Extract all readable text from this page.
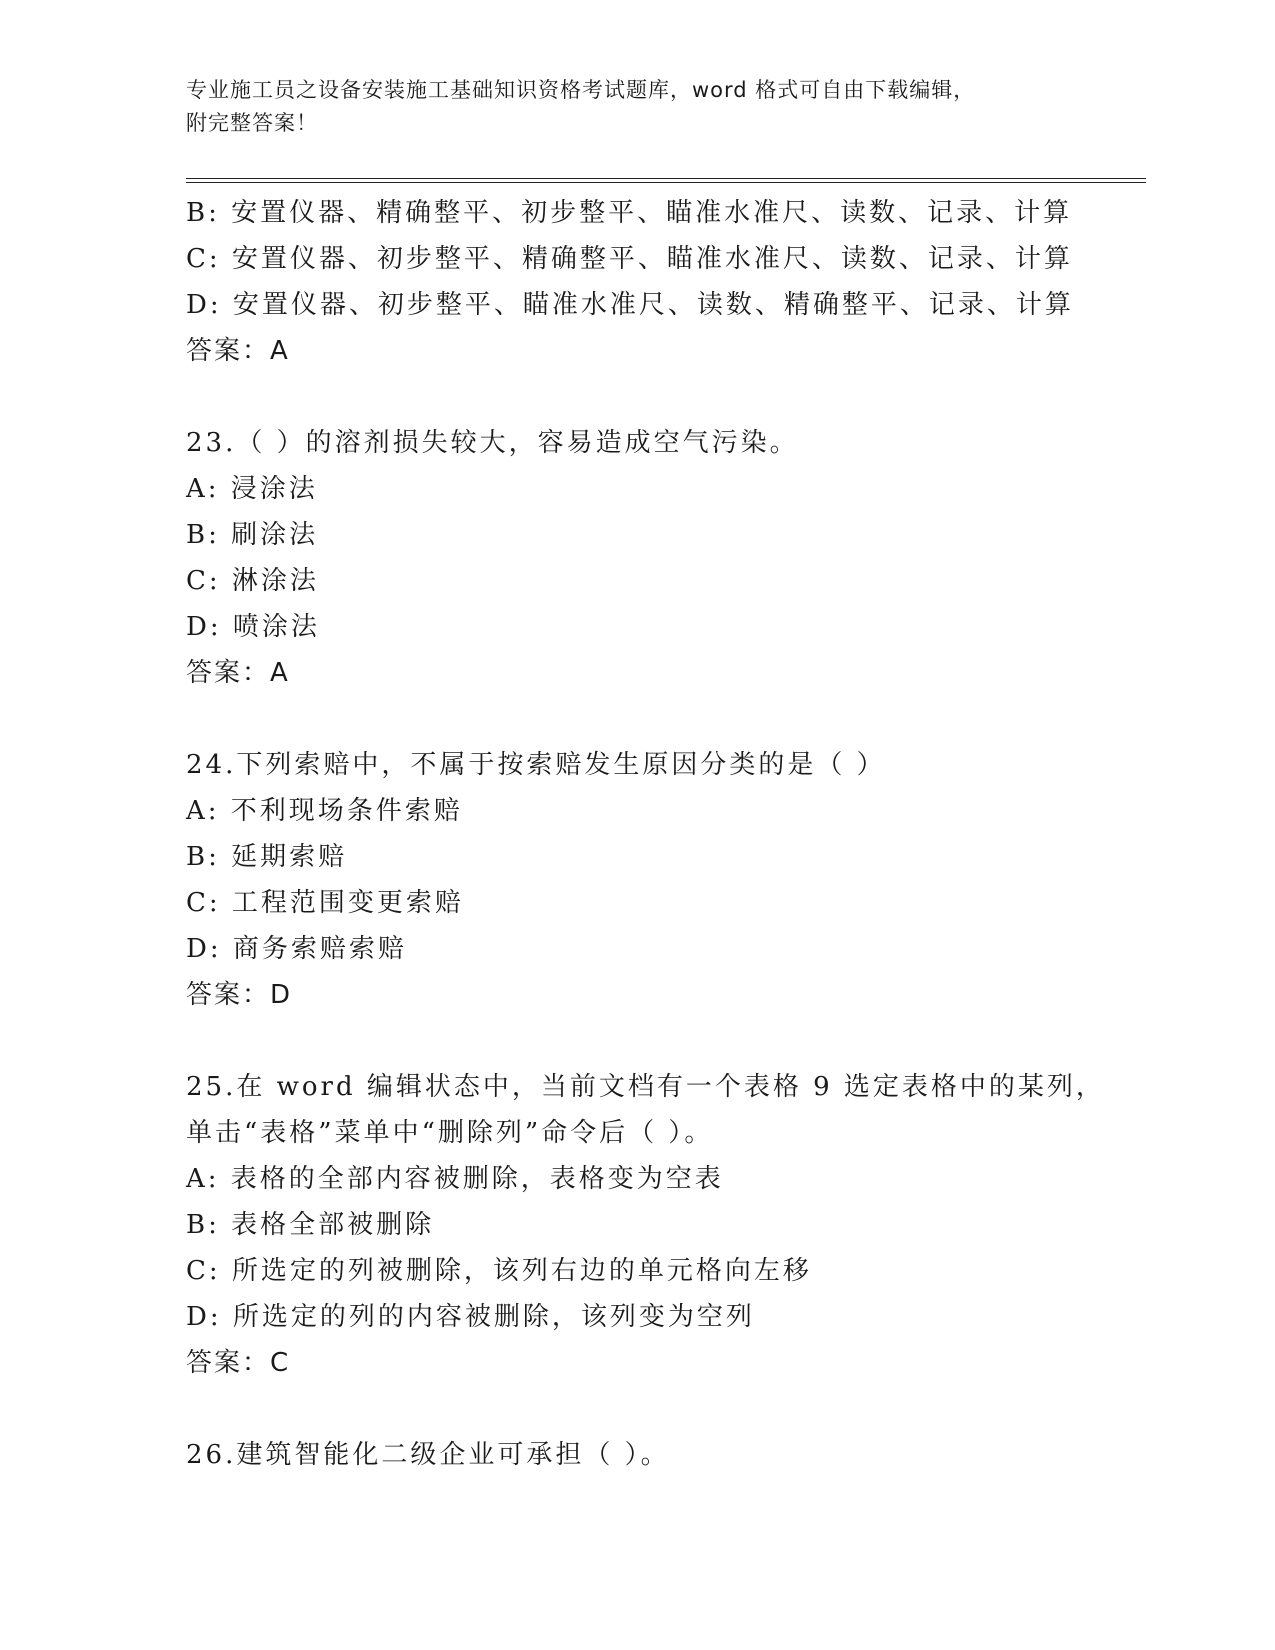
专业施工员之设备安装施工基础知识资格考试题库，word 格式可自由下载编辑，
附完整答案！
B: 安置仪器、精确整平、初步整平、瞄准水准尺、读数、记录、计算
C: 安置仪器、初步整平、精确整平、瞄准水准尺、读数、记录、计算
D: 安置仪器、初步整平、瞄准水准尺、读数、精确整平、记录、计算
答案：A
23.（ ）的溶剂损失较大，容易造成空气污染。
A: 浸涂法
B: 刷涂法
C: 淋涂法
D: 喷涂法
答案：A
24.下列索赔中，不属于按索赔发生原因分类的是（ ）
A: 不利现场条件索赔
B: 延期索赔
C: 工程范围变更索赔
D: 商务索赔索赔
答案：D
25.在 word 编辑状态中，当前文档有一个表格 9 选定表格中的某列，
单击“表格”菜单中“删除列”命令后（ ）。
A: 表格的全部内容被删除，表格变为空表
B: 表格全部被删除
C: 所选定的列被删除，该列右边的单元格向左移
D: 所选定的列的内容被删除，该列变为空列
答案：C
26.建筑智能化二级企业可承担（ ）。
